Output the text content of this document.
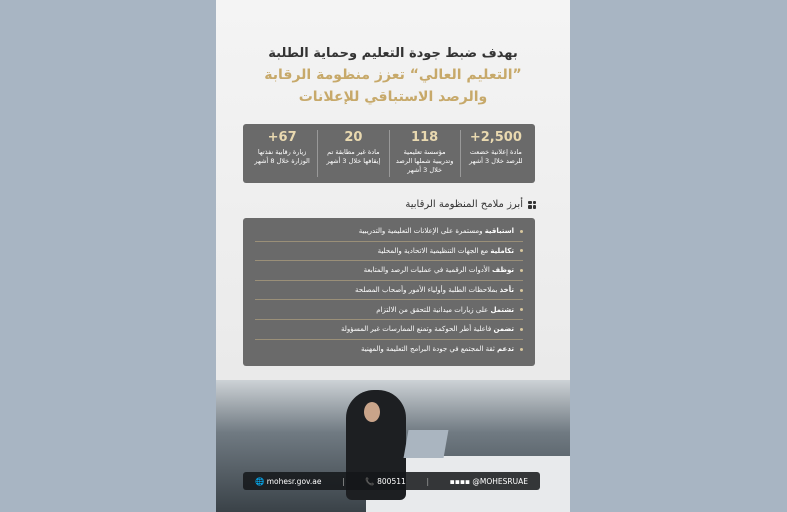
بهدف ضبط جودة التعليم وحماية الطلبة
”التعليم العالي“ تعزز منظومة الرقابة
والرصد الاستباقي للإعلانات
2,500+
مادة إعلانية خضعت للرصد خلال 3 أشهر
118
مؤسسة تعليمية وتدريبية شملها الرصد خلال 3 أشهر
20
مادة غير مطابقة تم إيقافها خلال 3 أشهر
67+
زيارة رقابية نفذتها الوزارة خلال 8 أشهر
أبرز ملامح المنظومة الرقابية
استباقية ومستمرة على الإعلانات التعليمية والتدريبية
تكاملية مع الجهات التنظيمية الاتحادية والمحلية
توظف الأدوات الرقمية في عمليات الرصد والمتابعة
تأخذ بملاحظات الطلبة وأولياء الأمور وأصحاب المصلحة
تشتمل على زيارات ميدانية للتحقق من الالتزام
تضمن فاعلية أطر الحوكمة وتمنع الممارسات غير المسؤولة
تدعم ثقة المجتمع في جودة البرامج التعليمة والمهنية
🌐 mohesr.gov.ae	|	📞 800511	|	▪▪▪▪ @MOHESRUAE
